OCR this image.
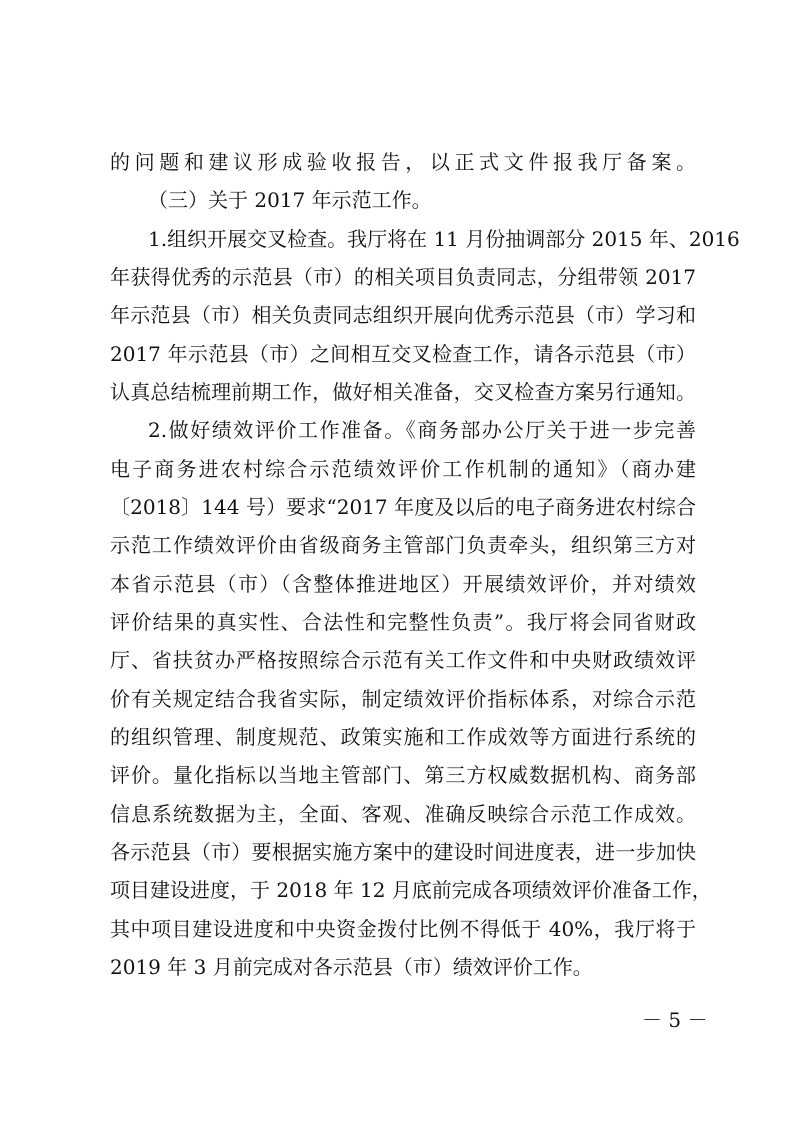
的问题和建议形成验收报告，以正式文件报我厅备案。
（三）关于 2017 年示范工作。
1.组织开展交叉检查。我厅将在 11 月份抽调部分 2015 年、2016
年获得优秀的示范县（市）的相关项目负责同志，分组带领 2017
年示范县（市）相关负责同志组织开展向优秀示范县（市）学习和
2017 年示范县（市）之间相互交叉检查工作，请各示范县（市）
认真总结梳理前期工作，做好相关准备，交叉检查方案另行通知。
2.做好绩效评价工作准备。《商务部办公厅关于进一步完善
电子商务进农村综合示范绩效评价工作机制的通知》（商办建
〔2018〕144 号）要求“2017 年度及以后的电子商务进农村综合
示范工作绩效评价由省级商务主管部门负责牵头，组织第三方对
本省示范县（市）（含整体推进地区）开展绩效评价，并对绩效
评价结果的真实性、合法性和完整性负责”。我厅将会同省财政
厅、省扶贫办严格按照综合示范有关工作文件和中央财政绩效评
价有关规定结合我省实际，制定绩效评价指标体系，对综合示范
的组织管理、制度规范、政策实施和工作成效等方面进行系统的
评价。量化指标以当地主管部门、第三方权威数据机构、商务部
信息系统数据为主，全面、客观、准确反映综合示范工作成效。
各示范县（市）要根据实施方案中的建设时间进度表，进一步加快
项目建设进度，于 2018 年 12 月底前完成各项绩效评价准备工作，
其中项目建设进度和中央资金拨付比例不得低于 40%，我厅将于
2019 年 3 月前完成对各示范县（市）绩效评价工作。
－ 5 －
